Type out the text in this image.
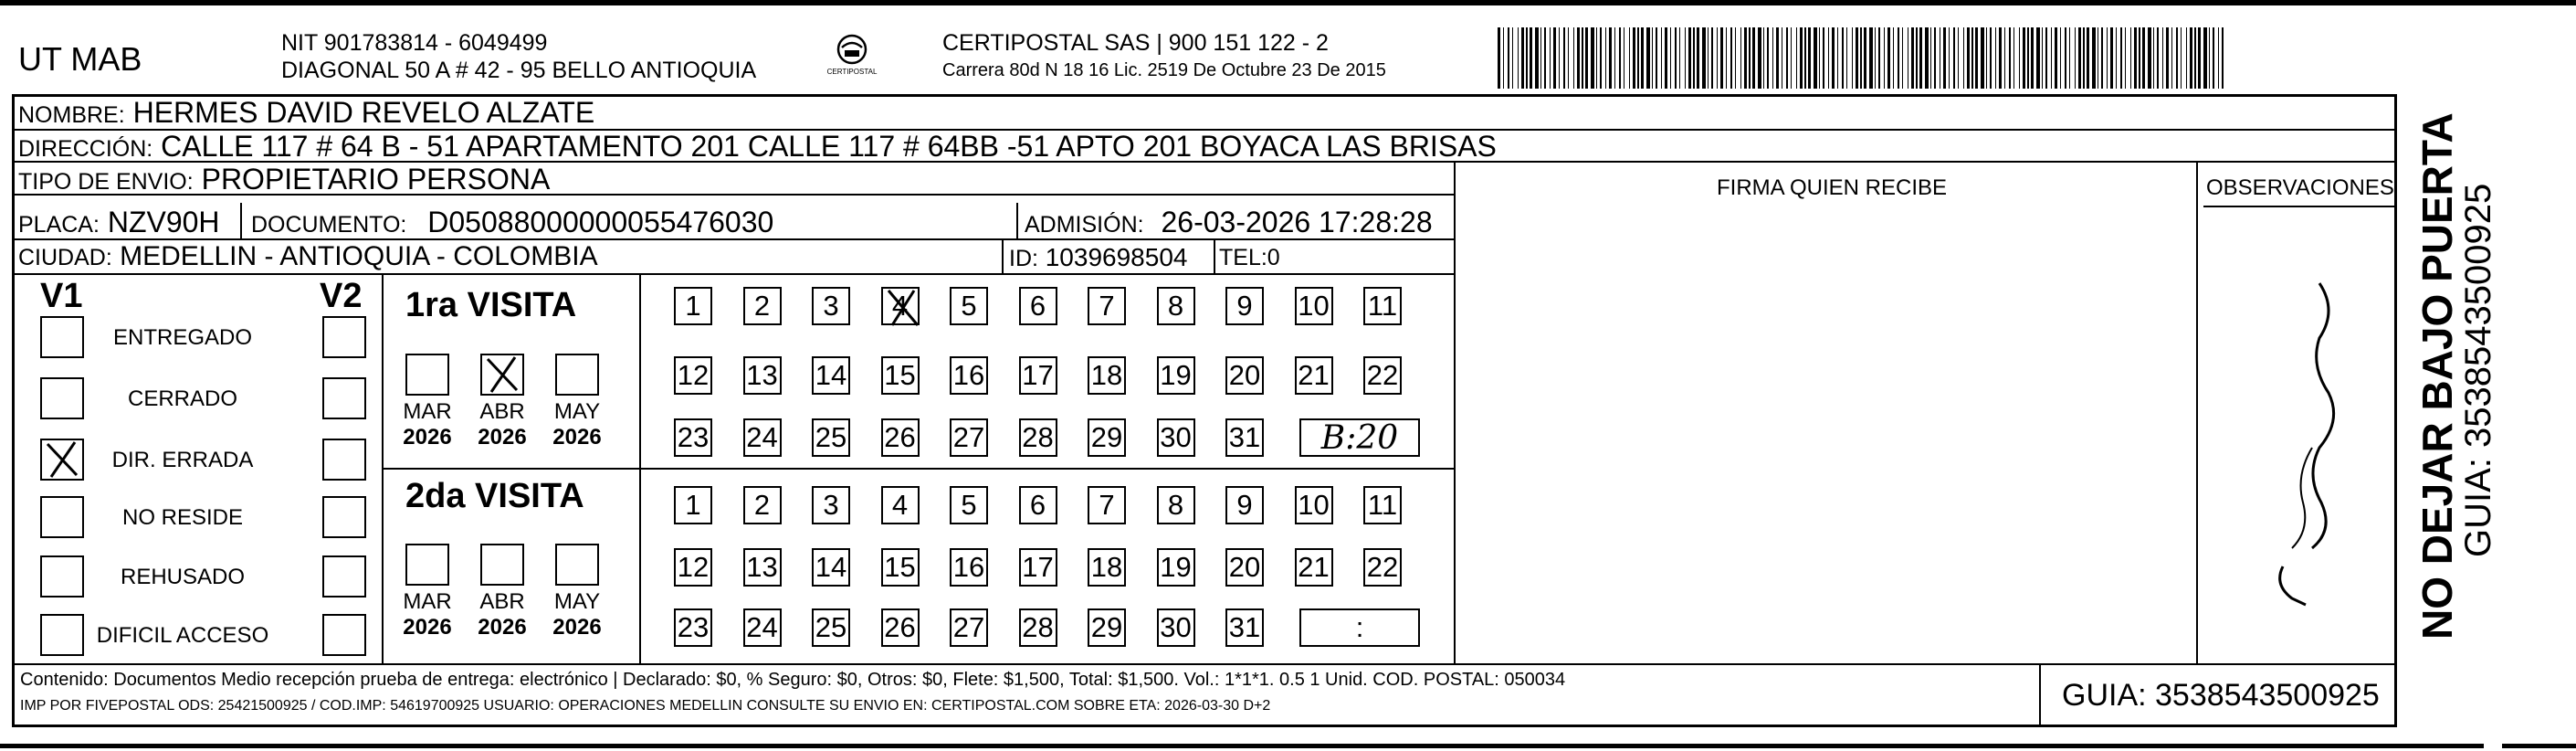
UT MAB	NIT 901783814 - 6049499
DIAGONAL 50 A # 42 - 95 BELLO ANTIOQUIA	CERTIPOSTAL
CERTIPOSTAL SAS | 900 151 122 - 2
Carrera 80d N 18 16 Lic. 2519 De Octubre 23 De 2015
NOMBRE: HERMES DAVID REVELO ALZATE
DIRECCIÓN: CALLE 117 # 64 B - 51 APARTAMENTO 201 CALLE 117 # 64BB -51 APTO 201 BOYACA LAS BRISAS
TIPO DE ENVIO: PROPIETARIO PERSONA	FIRMA QUIEN RECIBE	OBSERVACIONES
PLACA: NZV90H DOCUMENTO: D05088000000055476030	ADMISIÓN: 26-03-2026 17:28:28
CIUDAD: MEDELLIN - ANTIOQUIA - COLOMBIA	ID: 1039698504 TEL:0
V1	V2
ENTREGADO
CERRADO
DIR. ERRADA
NO RESIDE
REHUSADO
DIFICIL ACCESO
1ra VISITA
MAR
2026
ABR
2026
MAY
2026
1 2 3 4 5 6 7 8 9 10 11
12 13 14 15 16 17 18 19 20 21 22
23 24 25 26 27 28 29 30 31	B:20
2da VISITA
MAR
2026
ABR
2026
MAY
2026
1 2 3 4 5 6 7 8 9 10 11
12 13 14 15 16 17 18 19 20 21 22
23 24 25 26 27 28 29 30 31	:
Contenido: Documentos Medio recepción prueba de entrega: electrónico | Declarado: $0, % Seguro: $0, Otros: $0, Flete: $1,500, Total: $1,500. Vol.: 1*1*1. 0.5 1 Unid. COD. POSTAL: 050034
IMP POR FIVEPOSTAL ODS: 25421500925 / COD.IMP: 54619700925 USUARIO: OPERACIONES MEDELLIN CONSULTE SU ENVIO EN: CERTIPOSTAL.COM SOBRE ETA: 2026-03-30 D+2	GUIA: 3538543500925
NO DEJAR BAJO PUERTA
GUIA: 3538543500925
